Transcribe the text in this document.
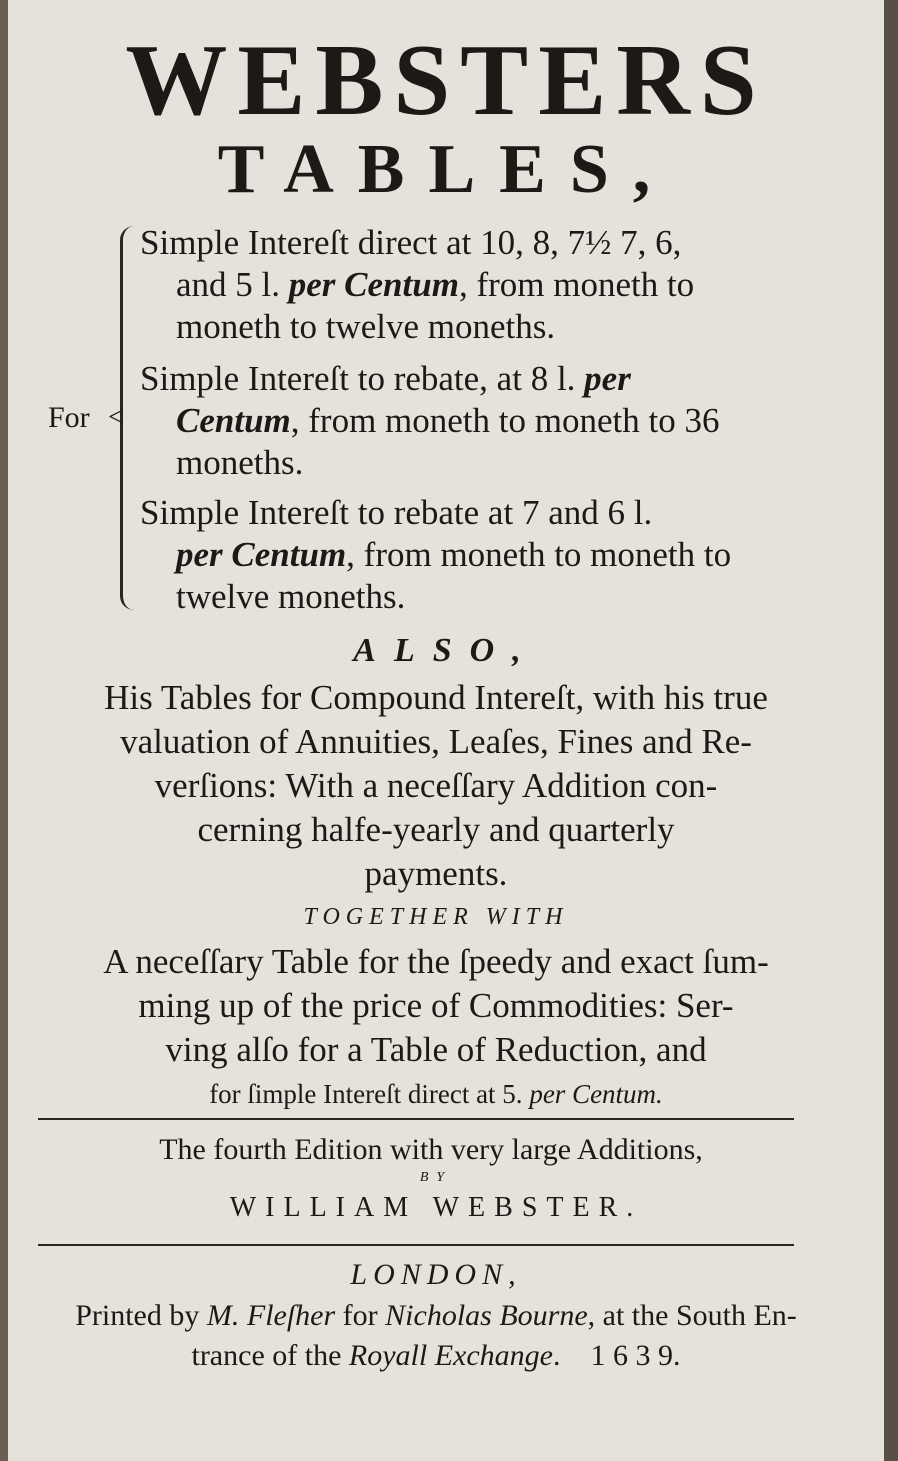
WEBSTERS
TABLES,
<
For
Simple Intereſt direct at 10, 8, 7½ 7, 6,
and 5 l. per Centum, from moneth to
moneth to twelve moneths.
Simple Intereſt to rebate, at 8 l. per
Centum, from moneth to moneth to 36
moneths.
Simple Intereſt to rebate at 7 and 6 l.
per Centum, from moneth to moneth to
twelve moneths.
ALSO,
His Tables for Compound Intereſt, with his true
valuation of Annuities, Leaſes, Fines and Re-
verſions: With a neceſſary Addition con-
cerning halfe-yearly and quarterly
payments.
TOGETHER WITH
A neceſſary Table for the ſpeedy and exact ſum-
ming up of the price of Commodities: Ser-
ving alſo for a Table of Reduction, and
for ſimple Intereſt direct at 5. per Centum.
The fourth Edition with very large Additions,
BY
WILLIAM WEBSTER.
LONDON,
Printed by M. Fleſher for Nicholas Bourne, at the South En-
trance of the Royall Exchange. 1 6 3 9.
